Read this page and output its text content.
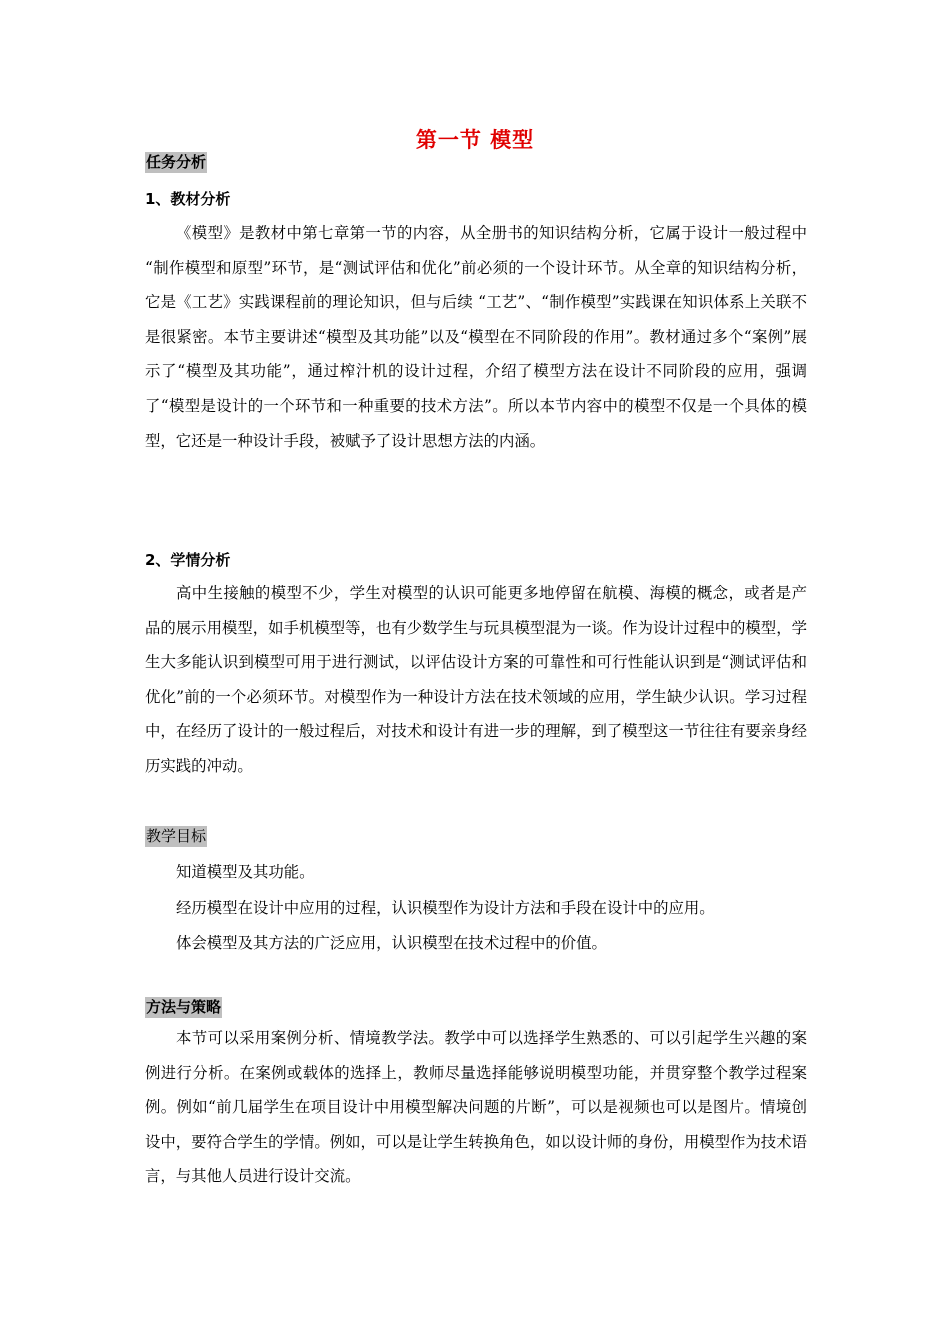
第一节 模型
任务分析
1、教材分析

《模型》是教材中第七章第一节的内容，从全册书的知识结构分析，它属于设计一般过程中 “制作模型和原型”环节，是“测试评估和优化”前必须的一个设计环节。从全章的知识结构分析，它是《工艺》实践课程前的理论知识，但与后续 “工艺”、“制作模型”实践课在知识体系上关联不是很紧密。本节主要讲述“模型及其功能”以及“模型在不同阶段的作用”。教材通过多个“案例”展示了“模型及其功能”，通过榨汁机的设计过程，介绍了模型方法在设计不同阶段的应用，强调了“模型是设计的一个环节和一种重要的技术方法”。所以本节内容中的模型不仅是一个具体的模型，它还是一种设计手段，被赋予了设计思想方法的内涵。

2、学情分析

高中生接触的模型不少，学生对模型的认识可能更多地停留在航模、海模的概念，或者是产品的展示用模型，如手机模型等，也有少数学生与玩具模型混为一谈。作为设计过程中的模型，学生大多能认识到模型可用于进行测试，以评估设计方案的可靠性和可行性能认识到是“测试评估和优化”前的一个必须环节。对模型作为一种设计方法在技术领域的应用，学生缺少认识。学习过程中，在经历了设计的一般过程后，对技术和设计有进一步的理解，到了模型这一节往往有要亲身经历实践的冲动。

教学目标

知道模型及其功能。

经历模型在设计中应用的过程，认识模型作为设计方法和手段在设计中的应用。

体会模型及其方法的广泛应用，认识模型在技术过程中的价值。

方法与策略

本节可以采用案例分析、情境教学法。教学中可以选择学生熟悉的、可以引起学生兴趣的案例进行分析。在案例或载体的选择上，教师尽量选择能够说明模型功能，并贯穿整个教学过程案例。例如“前几届学生在项目设计中用模型解决问题的片断”，可以是视频也可以是图片。情境创设中，要符合学生的学情。例如，可以是让学生转换角色，如以设计师的身份，用模型作为技术语言，与其他人员进行设计交流。
